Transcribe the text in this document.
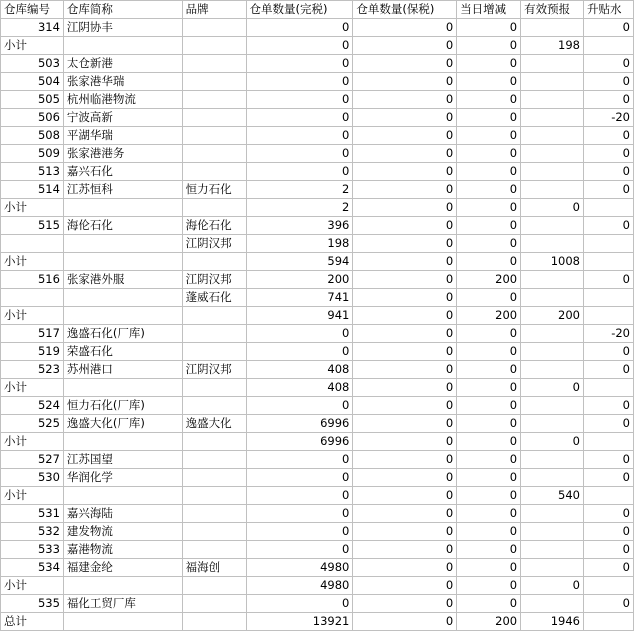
仓库编号	仓库简称	品牌	仓单数量(完税)	仓单数量(保税)	当日增减	有效预报	升贴水
314	江阴协丰		0	0	0		0
小计			0	0	0	198	
503	太仓新港		0	0	0		0
504	张家港华瑞		0	0	0		0
505	杭州临港物流		0	0	0		0
506	宁波高新		0	0	0		-20
508	平湖华瑞		0	0	0		0
509	张家港港务		0	0	0		0
513	嘉兴石化		0	0	0		0
514	江苏恒科	恒力石化	2	0	0		0
小计			2	0	0	0	
515	海伦石化	海伦石化	396	0	0		0
		江阴汉邦	198	0	0		
小计			594	0	0	1008	
516	张家港外服	江阴汉邦	200	0	200		0
		蓬威石化	741	0	0		
小计			941	0	200	200	
517	逸盛石化(厂库)		0	0	0		-20
519	荣盛石化		0	0	0		0
523	苏州港口	江阴汉邦	408	0	0		0
小计			408	0	0	0	
524	恒力石化(厂库)		0	0	0		0
525	逸盛大化(厂库)	逸盛大化	6996	0	0		0
小计			6996	0	0	0	
527	江苏国望		0	0	0		0
530	华润化学		0	0	0		0
小计			0	0	0	540	
531	嘉兴海陆		0	0	0		0
532	建发物流		0	0	0		0
533	嘉港物流		0	0	0		0
534	福建金纶	福海创	4980	0	0		0
小计			4980	0	0	0	
535	福化工贸厂库		0	0	0		0
总计			13921	0	200	1946	
